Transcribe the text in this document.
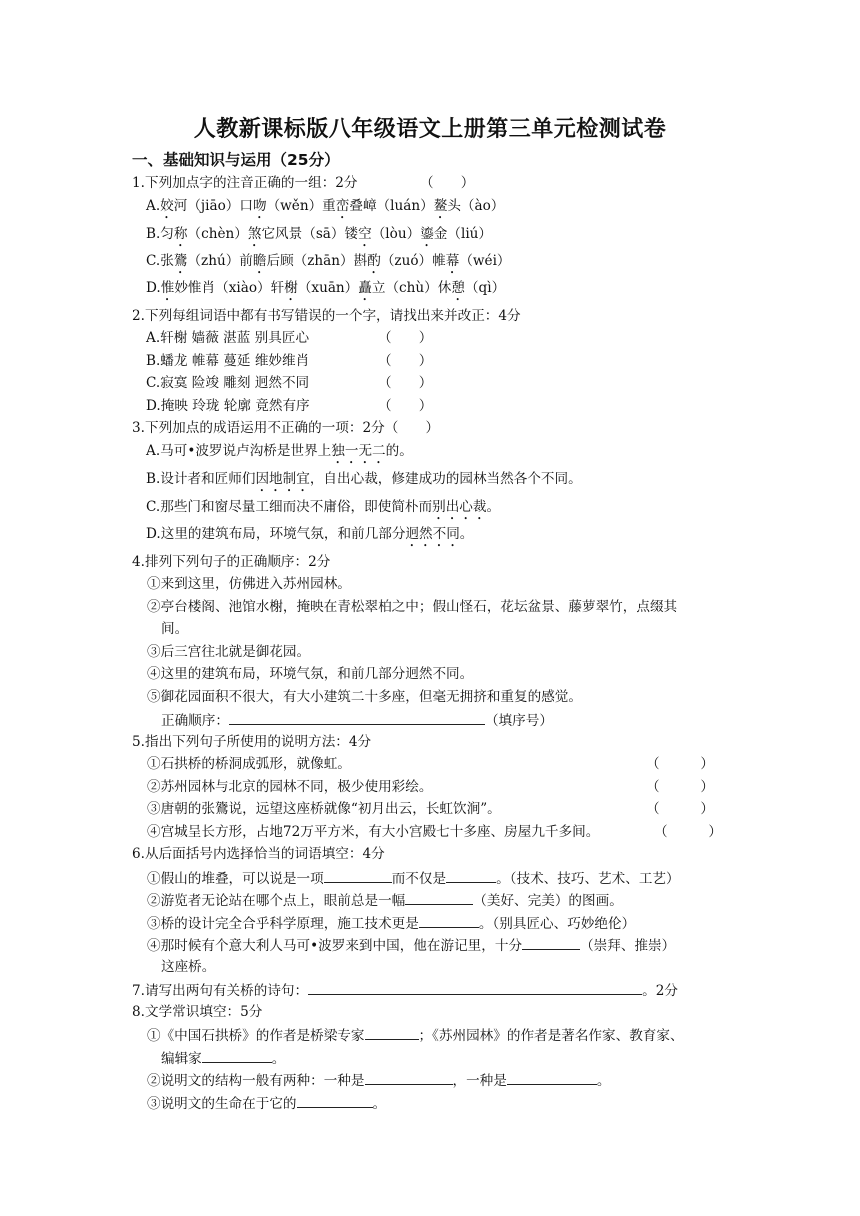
人教新课标版八年级语文上册第三单元检测试卷
一、基础知识与运用（25分）
1.下列加点字的注音正确的一组：2分	（　　）
A.姣河（jiāo）口吻（wěn）重峦叠嶂（luán）鳌头（ào）
B.匀称（chèn）煞它风景（sā）镂空（lòu）鎏金（liú）
C.张鷟（zhú）前瞻后顾（zhān）斟酌（zuó）帷幕（wéi）
D.惟妙惟肖（xiào）轩榭（xuān）矗立（chù）休憩（qì）
2.下列每组词语中都有书写错误的一个字，请找出来并改正：4分
A.轩榭 嫱薇 湛蓝 别具匠心	（　　）
B.蟠龙 帷幕 蔓延 维妙维肖	（　　）
C.寂寞 险竣 雕刻 迥然不同	（　　）
D.掩映 玲珑 轮廓 竟然有序	（　　）
3.下列加点的成语运用不正确的一项：2分（　　）
A.马可•波罗说卢沟桥是世界上独一无二的。
B.设计者和匠师们因地制宜，自出心裁，修建成功的园林当然各个不同。
C.那些门和窗尽量工细而决不庸俗，即使简朴而别出心裁。
D.这里的建筑布局，环境气氛，和前几部分迥然不同。
4.排列下列句子的正确顺序：2分
①来到这里，仿佛进入苏州园林。
②亭台楼阁、池馆水榭，掩映在青松翠柏之中；假山怪石，花坛盆景、藤萝翠竹，点缀其
间。
③后三宫往北就是御花园。
④这里的建筑布局，环境气氛，和前几部分迥然不同。
⑤御花园面积不很大，有大小建筑二十多座，但毫无拥挤和重复的感觉。
正确顺序：	（填序号）
5.指出下列句子所使用的说明方法：4分
①石拱桥的桥洞成弧形，就像虹。	（　　　）
②苏州园林与北京的园林不同，极少使用彩绘。	（　　　）
③唐朝的张鷟说，远望这座桥就像“初月出云，长虹饮涧”。	（　　　）
④宫城呈长方形，占地72万平方米，有大小宫殿七十多座、房屋九千多间。	（　　　）
6.从后面括号内选择恰当的词语填空：4分
①假山的堆叠，可以说是一项	而不仅是	。（技术、技巧、艺术、工艺）
②游览者无论站在哪个点上，眼前总是一幅	（美好、完美）的图画。
③桥的设计完全合乎科学原理，施工技术更是	。（别具匠心、巧妙绝伦）
④那时候有个意大利人马可•波罗来到中国，他在游记里，十分	（崇拜、推崇）
这座桥。
7.请写出两句有关桥的诗句：	。2分
8.文学常识填空：5分
①《中国石拱桥》的作者是桥梁专家	；《苏州园林》的作者是著名作家、教育家、
编辑家	。
②说明文的结构一般有两种：一种是	，一种是	。
③说明文的生命在于它的	。
